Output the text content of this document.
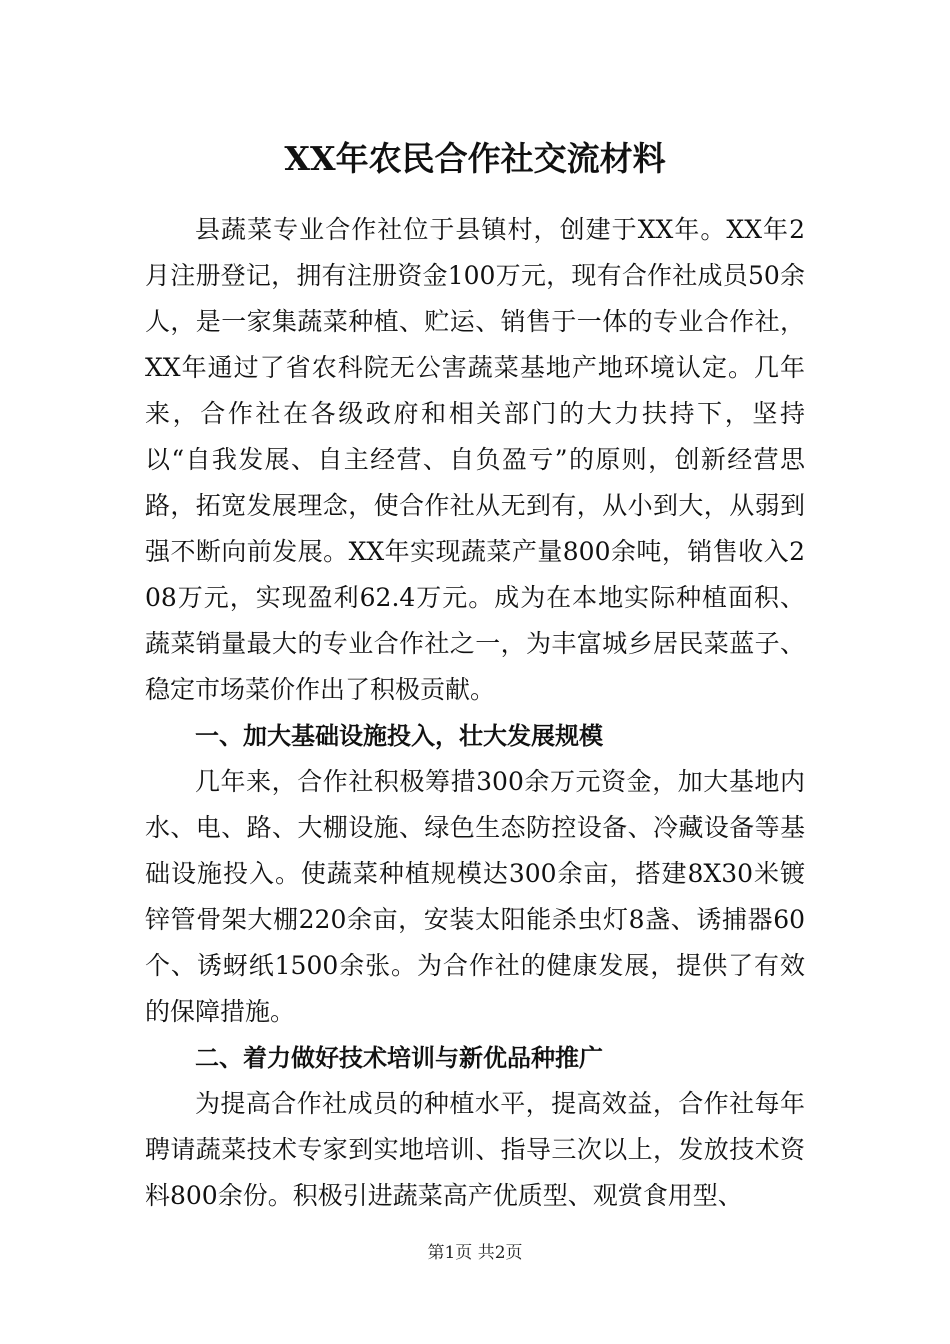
XX年农民合作社交流材料

县蔬菜专业合作社位于县镇村，创建于XX年。XX年2月注册登记，拥有注册资金100万元，现有合作社成员50余人，是一家集蔬菜种植、贮运、销售于一体的专业合作社，XX年通过了省农科院无公害蔬菜基地产地环境认定。几年来，合作社在各级政府和相关部门的大力扶持下，坚持以“自我发展、自主经营、自负盈亏”的原则，创新经营思路，拓宽发展理念，使合作社从无到有，从小到大，从弱到强不断向前发展。XX年实现蔬菜产量800余吨，销售收入208万元，实现盈利62.4万元。成为在本地实际种植面积、蔬菜销量最大的专业合作社之一，为丰富城乡居民菜蓝子、稳定市场菜价作出了积极贡献。

一、加大基础设施投入，壮大发展规模

几年来，合作社积极筹措300余万元资金，加大基地内水、电、路、大棚设施、绿色生态防控设备、冷藏设备等基础设施投入。使蔬菜种植规模达300余亩，搭建8X30米镀锌管骨架大棚220余亩，安装太阳能杀虫灯8盏、诱捕器60个、诱蚜纸1500余张。为合作社的健康发展，提供了有效的保障措施。

二、着力做好技术培训与新优品种推广

为提高合作社成员的种植水平，提高效益，合作社每年聘请蔬菜技术专家到实地培训、指导三次以上，发放技术资料800余份。积极引进蔬菜高产优质型、观赏食用型、

第1页 共2页
